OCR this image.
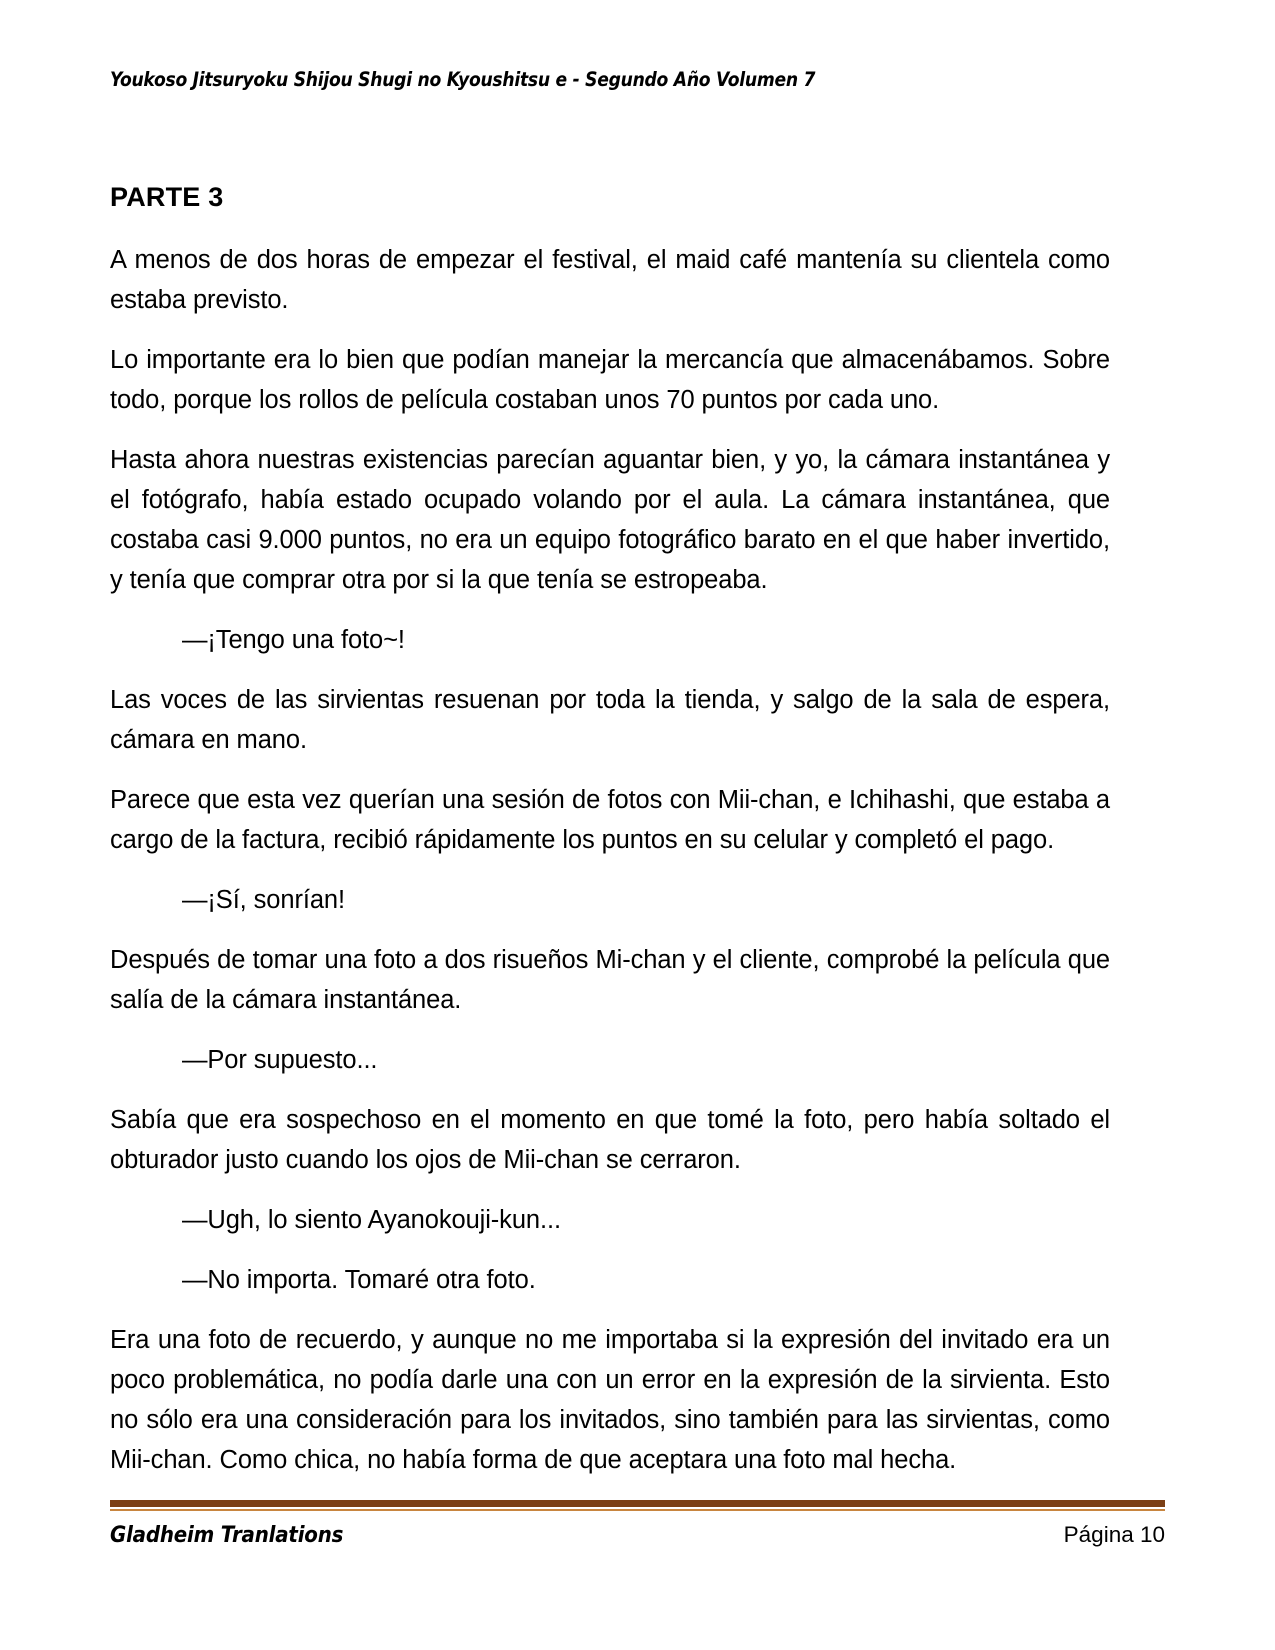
Youkoso Jitsuryoku Shijou Shugi no Kyoushitsu e - Segundo Año Volumen 7
PARTE 3

A menos de dos horas de empezar el festival, el maid café mantenía su clientela como estaba previsto.

Lo importante era lo bien que podían manejar la mercancía que almacenábamos. Sobre todo, porque los rollos de película costaban unos 70 puntos por cada uno.

Hasta ahora nuestras existencias parecían aguantar bien, y yo, la cámara instantánea y el fotógrafo, había estado ocupado volando por el aula. La cámara instantánea, que costaba casi 9.000 puntos, no era un equipo fotográfico barato en el que haber invertido, y tenía que comprar otra por si la que tenía se estropeaba.

—¡Tengo una foto~!

Las voces de las sirvientas resuenan por toda la tienda, y salgo de la sala de espera, cámara en mano.

Parece que esta vez querían una sesión de fotos con Mii-chan, e Ichihashi, que estaba a cargo de la factura, recibió rápidamente los puntos en su celular y completó el pago.

—¡Sí, sonrían!

Después de tomar una foto a dos risueños Mi-chan y el cliente, comprobé la película que salía de la cámara instantánea.

—Por supuesto...

Sabía que era sospechoso en el momento en que tomé la foto, pero había soltado el obturador justo cuando los ojos de Mii-chan se cerraron.

—Ugh, lo siento Ayanokouji-kun...

—No importa. Tomaré otra foto.

Era una foto de recuerdo, y aunque no me importaba si la expresión del invitado era un poco problemática, no podía darle una con un error en la expresión de la sirvienta. Esto no sólo era una consideración para los invitados, sino también para las sirvientas, como Mii-chan. Como chica, no había forma de que aceptara una foto mal hecha.

Gladheim Tranlations	Página 10
